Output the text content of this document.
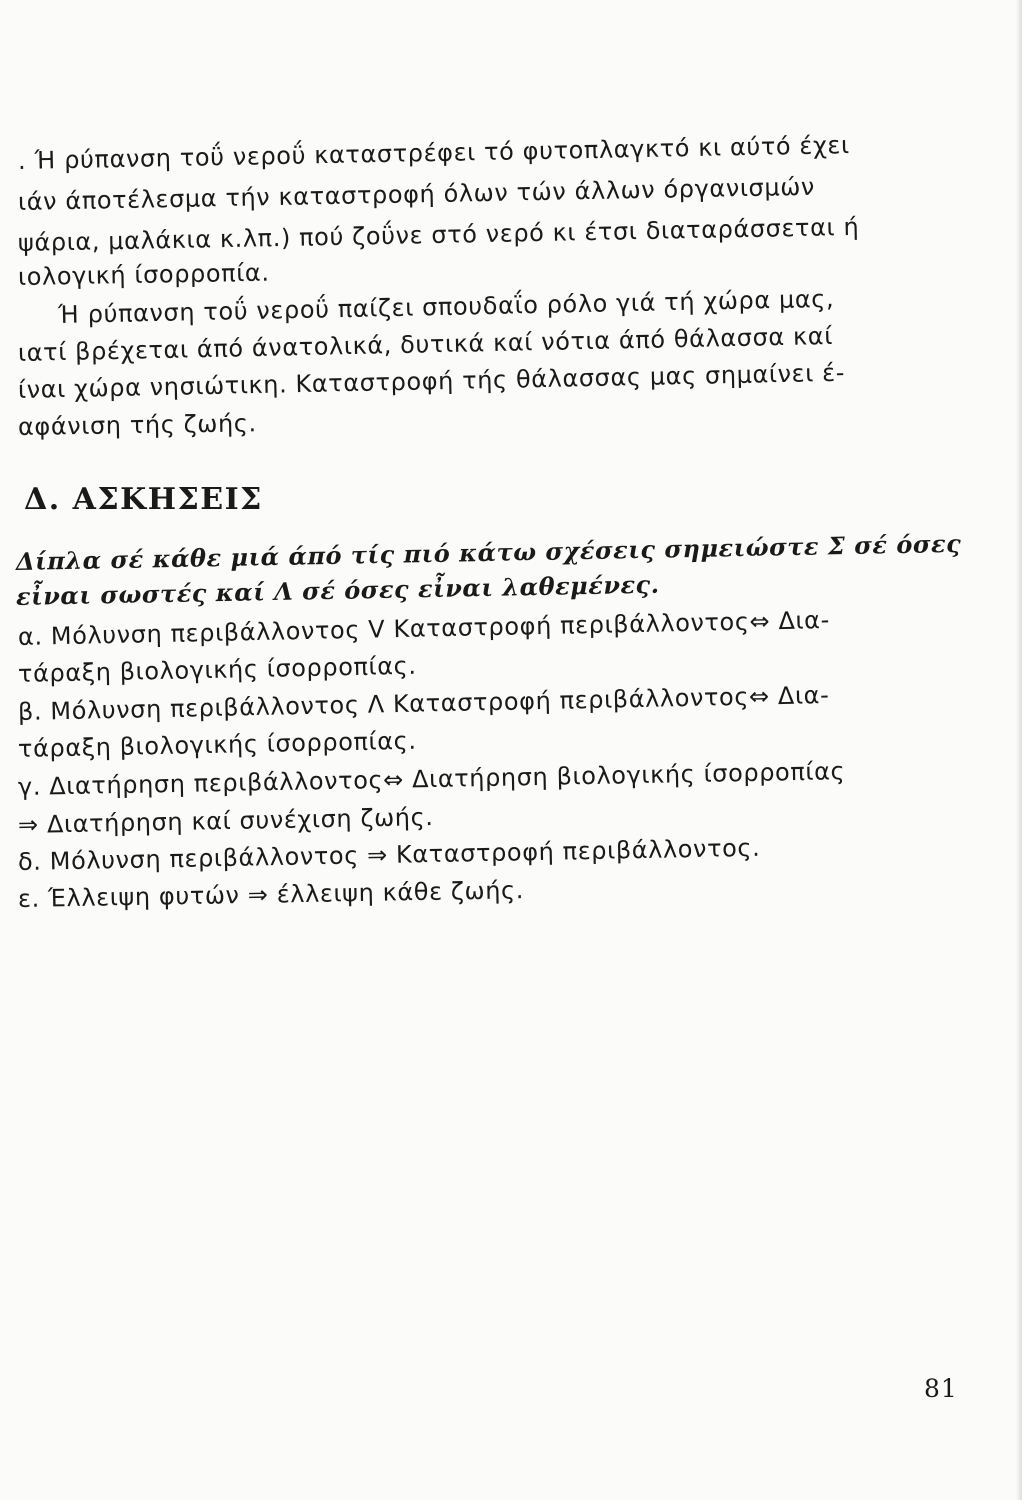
. Ή ρύπανση τοΰ νεροΰ καταστρέφει τό φυτοπλαγκτό κι αύτό έχει
ιάν άποτέλεσμα τήν καταστροφή όλων τών άλλων όργανισμών
ψάρια, μαλάκια κ.λπ.) πού ζοΰνε στό νερό κι έτσι διαταράσσεται ή
ιολογική ίσορροπία.
Ή ρύπανση τοΰ νεροΰ παίζει σπουδαΐο ρόλο γιά τή χώρα μας,
ιατί βρέχεται άπό άνατολικά, δυτικά καί νότια άπό θάλασσα καί
ίναι χώρα νησιώτικη. Καταστροφή τής θάλασσας μας σημαίνει έ-
αφάνιση τής ζωής.
Δ. ΑΣΚΗΣΕΙΣ
Δίπλα σέ κάθε μιά άπό τίς πιό κάτω σχέσεις σημειώστε Σ σέ όσες
εἶναι σωστές καί Λ σέ όσες εἶναι λαθεμένες.
α. Μόλυνση περιβάλλοντος V Καταστροφή περιβάλλοντος⇔ Δια-
τάραξη βιολογικής ίσορροπίας.
β. Μόλυνση περιβάλλοντος Λ Καταστροφή περιβάλλοντος⇔ Δια-
τάραξη βιολογικής ίσορροπίας.
γ. Διατήρηση περιβάλλοντος⇔ Διατήρηση βιολογικής ίσορροπίας
⇒ Διατήρηση καί συνέχιση ζωής.
δ. Μόλυνση περιβάλλοντος ⇒ Καταστροφή περιβάλλοντος.
ε. Έλλειψη φυτών ⇒ έλλειψη κάθε ζωής.
81
